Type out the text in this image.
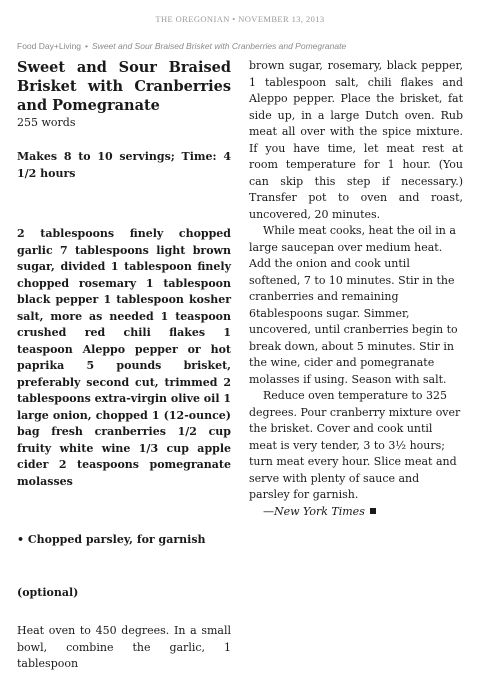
THE OREGONIAN • NOVEMBER 13, 2013
Food Day+Living • Sweet and Sour Braised Brisket with Cranberries and Pomegranate
Sweet and Sour Braised Brisket with Cranberries and Pomegranate

255 words

Makes 8 to 10 servings; Time: 4 1/2 hours

2 tablespoons finely chopped garlic 7 tablespoons light brown sugar, divided 1 tablespoon finely chopped rosemary 1 tablespoon black pepper 1 tablespoon kosher salt, more as needed 1 teaspoon crushed red chili flakes 1 teaspoon Aleppo pepper or hot paprika 5 pounds brisket, preferably second cut, trimmed 2 tablespoons extra-virgin olive oil 1 large onion, chopped 1 (12-ounce) bag fresh cranberries 1/2 cup fruity white wine 1/3 cup apple cider 2 teaspoons pomegranate molasses

• Chopped parsley, for garnish

(optional)

Heat oven to 450 degrees. In a small bowl, combine the garlic, 1 tablespoon

brown sugar, rosemary, black pepper, 1 tablespoon salt, chili flakes and Aleppo pepper. Place the brisket, fat side up, in a large Dutch oven. Rub meat all over with the spice mixture. If you have time, let meat rest at room temperature for 1 hour. (You can skip this step if necessary.) Transfer pot to oven and roast, uncovered, 20 minutes.

While meat cooks, heat the oil in a large saucepan over medium heat. Add the onion and cook until softened, 7 to 10 minutes. Stir in the cranberries and remaining 6tablespoons sugar. Simmer, uncovered, until cranberries begin to break down, about 5 minutes. Stir in the wine, cider and pomegranate molasses if using. Season with salt.

Reduce oven temperature to 325 degrees. Pour cranberry mixture over the brisket. Cover and cook until meat is very tender, 3 to 3½ hours; turn meat every hour. Slice meat and serve with plenty of sauce and parsley for garnish.

—New York Times
